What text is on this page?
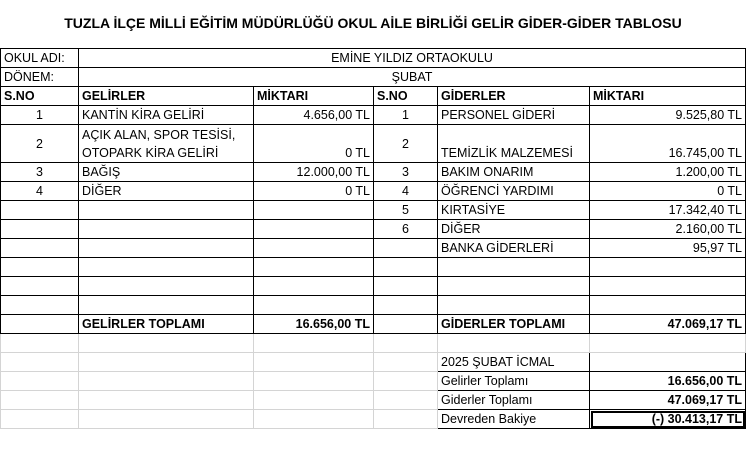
TUZLA İLÇE MİLLİ EĞİTİM MÜDÜRLÜĞÜ OKUL AİLE BİRLİĞİ GELİR GİDER-GİDER TABLOSU
OKUL ADI:	EMİNE YILDIZ ORTAOKULU				
DÖNEM:	ŞUBAT				
S.NO	GELİRLER	MİKTARI	S.NO	GİDERLER	MİKTARI
1	KANTİN KİRA GELİRİ	4.656,00 TL	1	PERSONEL GİDERİ	9.525,80 TL
2	AÇIK ALAN, SPOR TESİSİ,
OTOPARK KİRA GELİRİ	0 TL	2	TEMİZLİK MALZEMESİ	16.745,00 TL
3	BAĞIŞ	12.000,00 TL	3	BAKIM ONARIM	1.200,00 TL
4	DİĞER	0 TL	4	ÖĞRENCİ YARDIMI	0 TL
			5	KIRTASİYE	17.342,40 TL
			6	DİĞER	2.160,00 TL
				BANKA GİDERLERİ	95,97 TL

	GELİRLER TOPLAMI	16.656,00 TL		GİDERLER TOPLAMI	47.069,17 TL

				2025 ŞUBAT İCMAL	
				Gelirler Toplamı	16.656,00 TL
				Giderler Toplamı	47.069,17 TL
				Devreden Bakiye	(-) 30.413,17 TL
